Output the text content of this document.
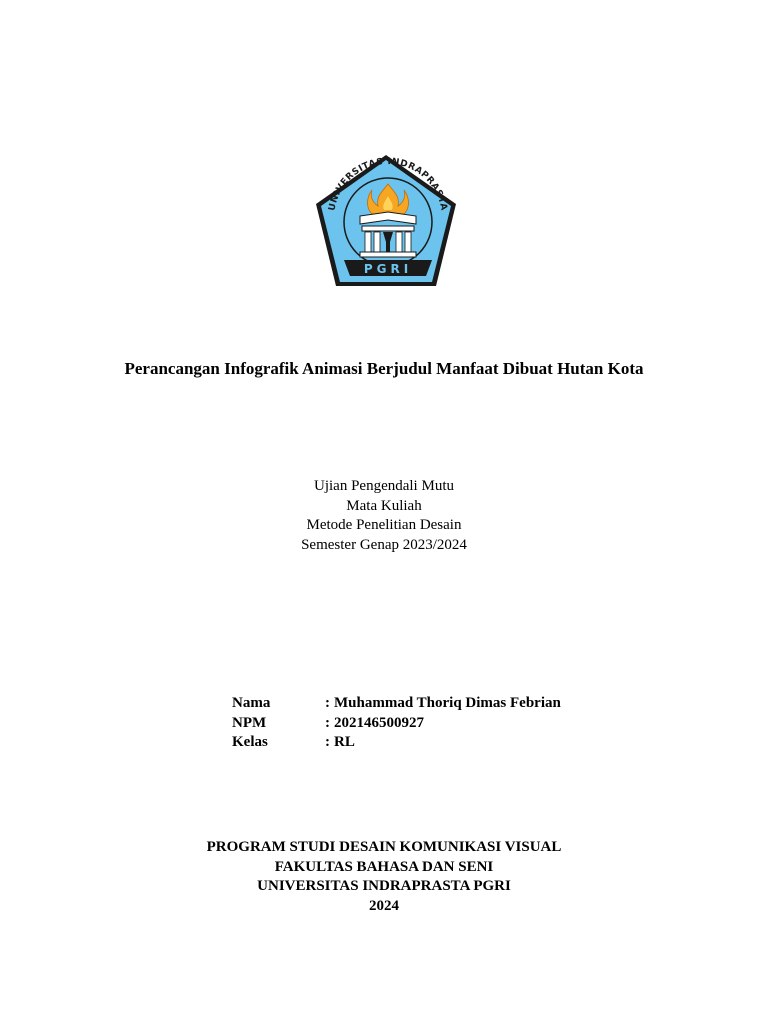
UNIVERSITAS INDRAPRASTA
PGRI
Perancangan Infografik Animasi Berjudul Manfaat Dibuat Hutan Kota
Ujian Pengendali Mutu
Mata Kuliah
Metode Penelitian Desain
Semester Genap 2023/2024
Nama	: Muhammad Thoriq Dimas Febrian
NPM	: 202146500927
Kelas	: RL
PROGRAM STUDI DESAIN KOMUNIKASI VISUAL
FAKULTAS BAHASA DAN SENI
UNIVERSITAS INDRAPRASTA PGRI
2024
